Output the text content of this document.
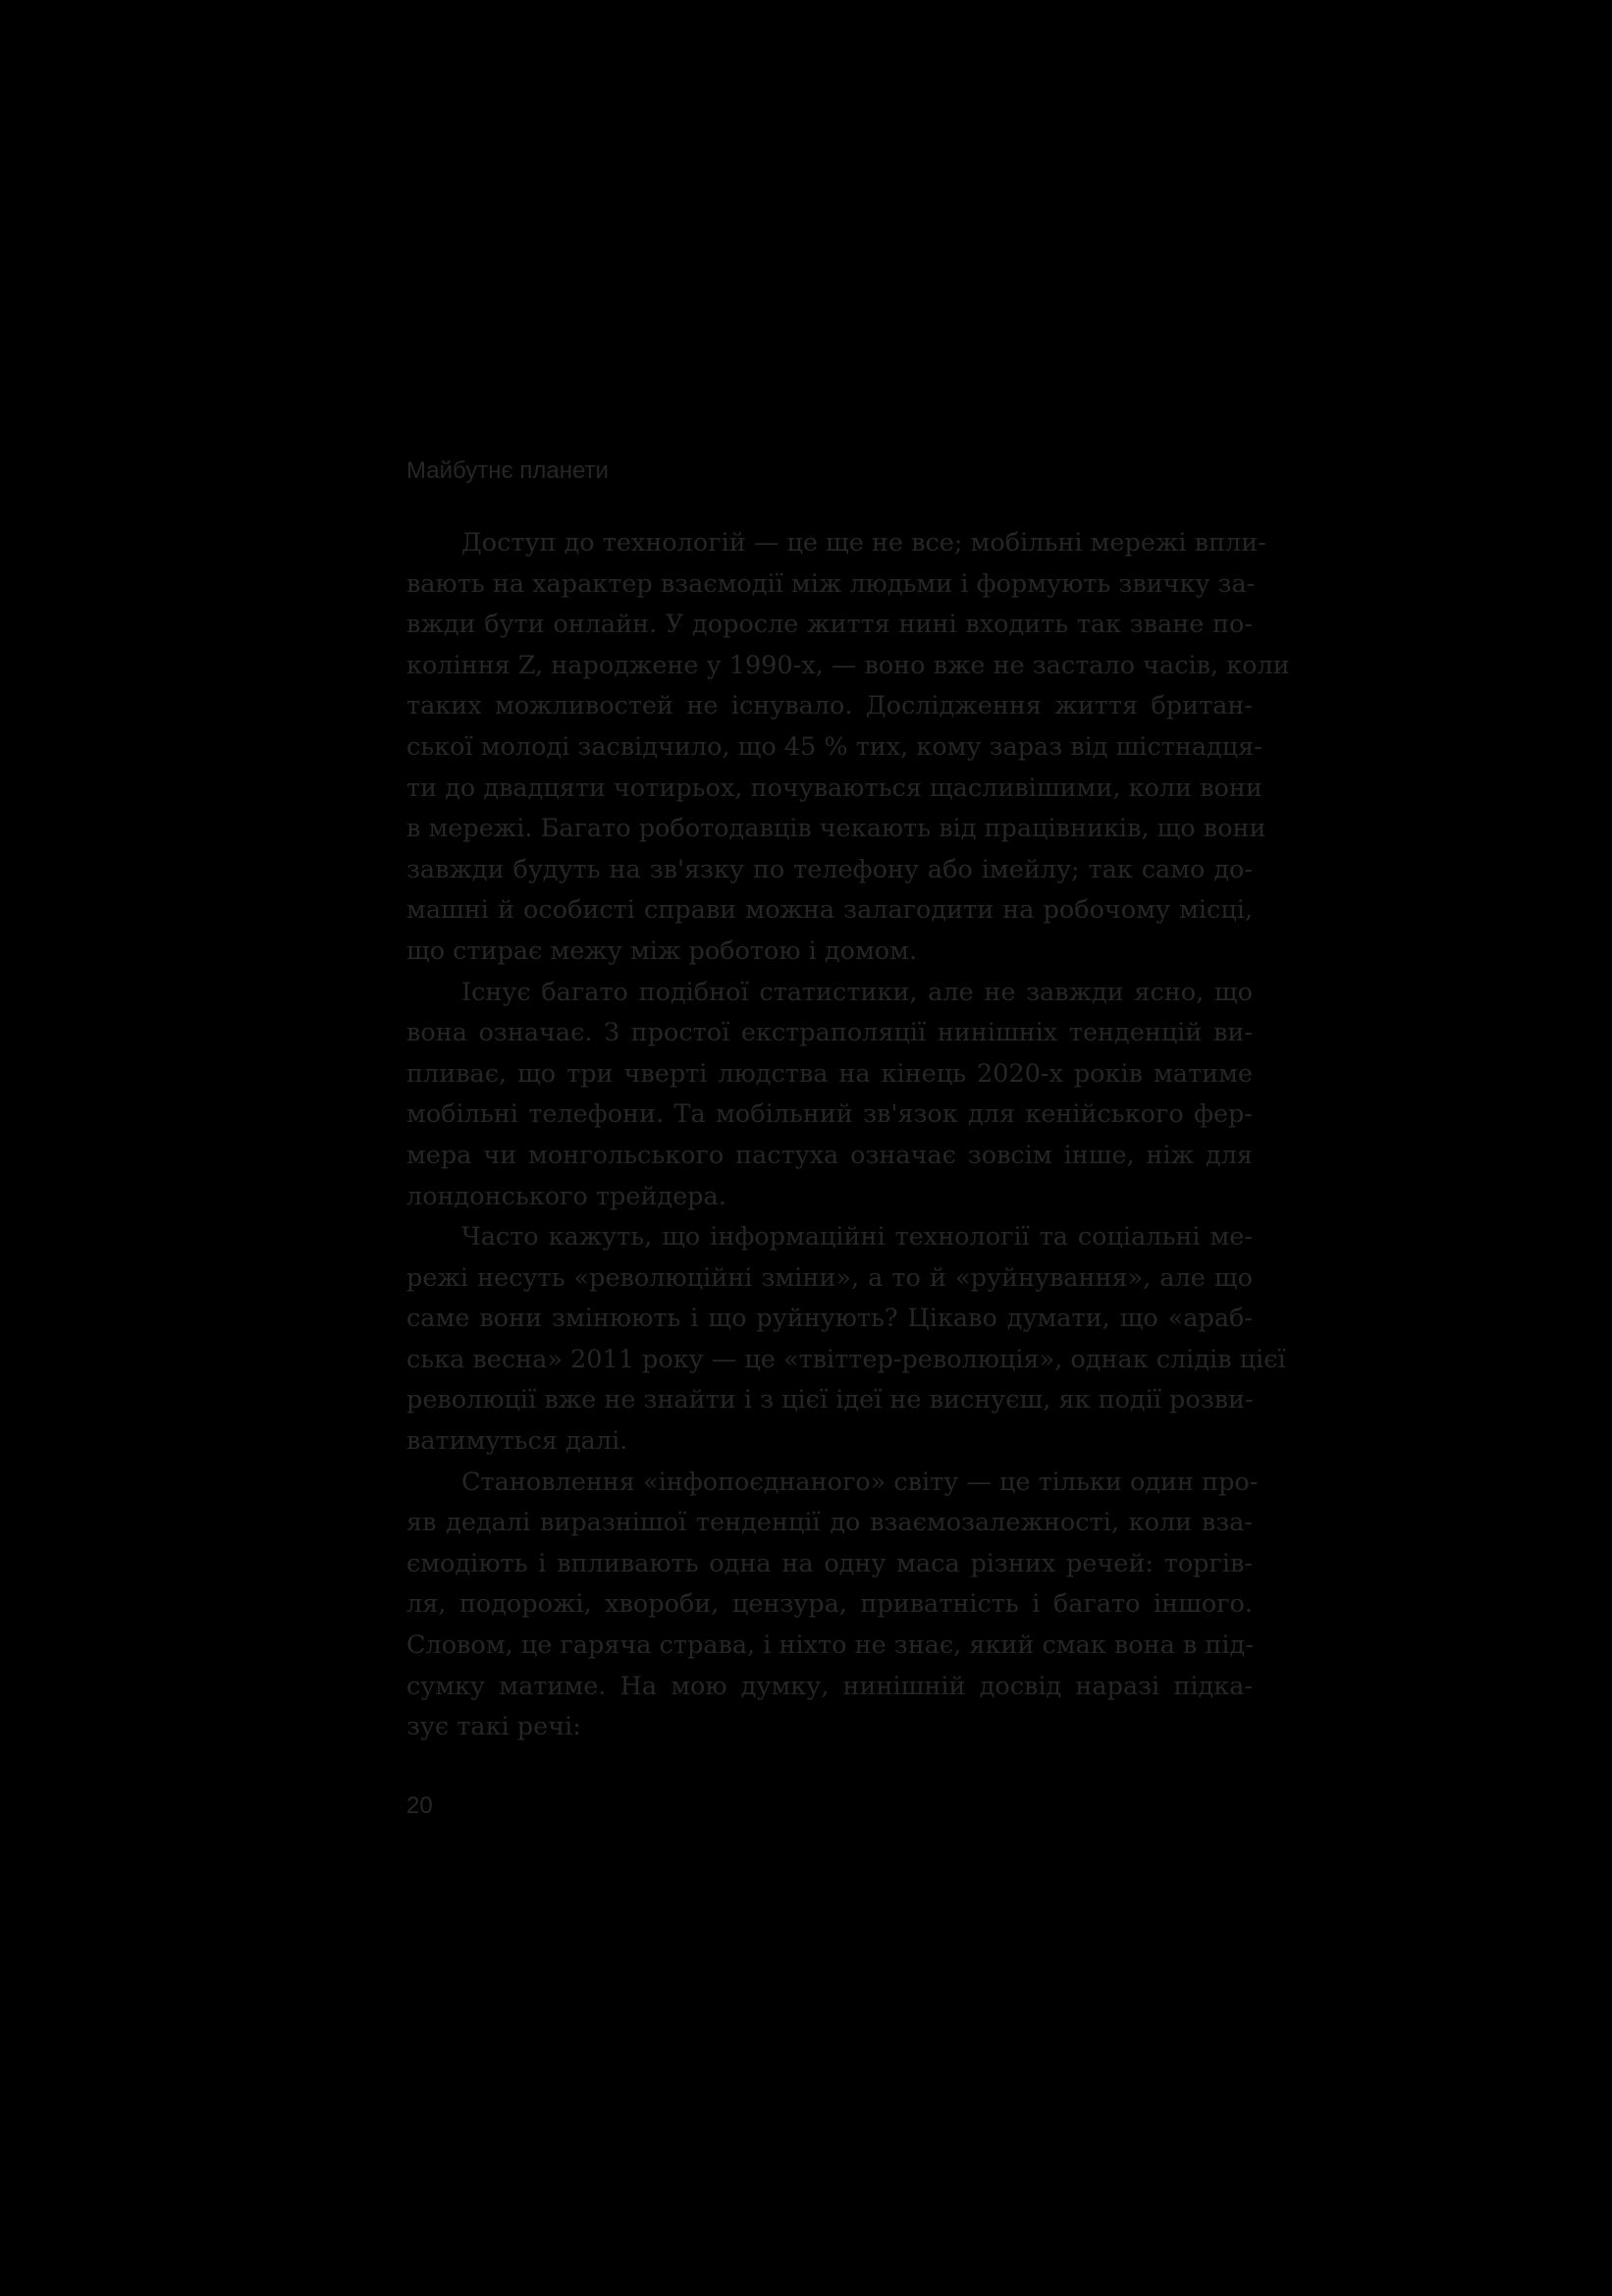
Майбутнє планети
Доступ до технологій — це ще не все; мобільні мережі впли-
вають на характер взаємодії між людьми і формують звичку за-
вжди бути онлайн. У доросле життя нині входить так зване по-
коління Z, народжене у 1990-х, — воно вже не застало часів, коли
таких можливостей не існувало. Дослідження життя британ-
ської молоді засвідчило, що 45 % тих, кому зараз від шістнадця-
ти до двадцяти чотирьох, почуваються щасливішими, коли вони
в мережі. Багато роботодавців чекають від працівників, що вони
завжди будуть на зв'язку по телефону або імейлу; так само до-
машні й особисті справи можна залагодити на робочому місці,
що стирає межу між роботою і домом.
Існує багато подібної статистики, але не завжди ясно, що
вона означає. З простої екстраполяції нинішніх тенденцій ви-
пливає, що три чверті людства на кінець 2020-х років матиме
мобільні телефони. Та мобільний зв'язок для кенійського фер-
мера чи монгольського пастуха означає зовсім інше, ніж для
лондонського трейдера.
Часто кажуть, що інформаційні технології та соціальні ме-
режі несуть «революційні зміни», а то й «руйнування», але що
саме вони змінюють і що руйнують? Цікаво думати, що «араб-
ська весна» 2011 року — це «твіттер-революція», однак слідів цієї
революції вже не знайти і з цієї ідеї не виснуєш, як події розви-
ватимуться далі.
Становлення «інфопоєднаного» світу — це тільки один про-
яв дедалі виразнішої тенденції до взаємозалежності, коли вза-
ємодіють і впливають одна на одну маса різних речей: торгів-
ля, подорожі, хвороби, цензура, приватність і багато іншого.
Словом, це гаряча страва, і ніхто не знає, який смак вона в під-
сумку матиме. На мою думку, нинішній досвід наразі підка-
зує такі речі:
20
